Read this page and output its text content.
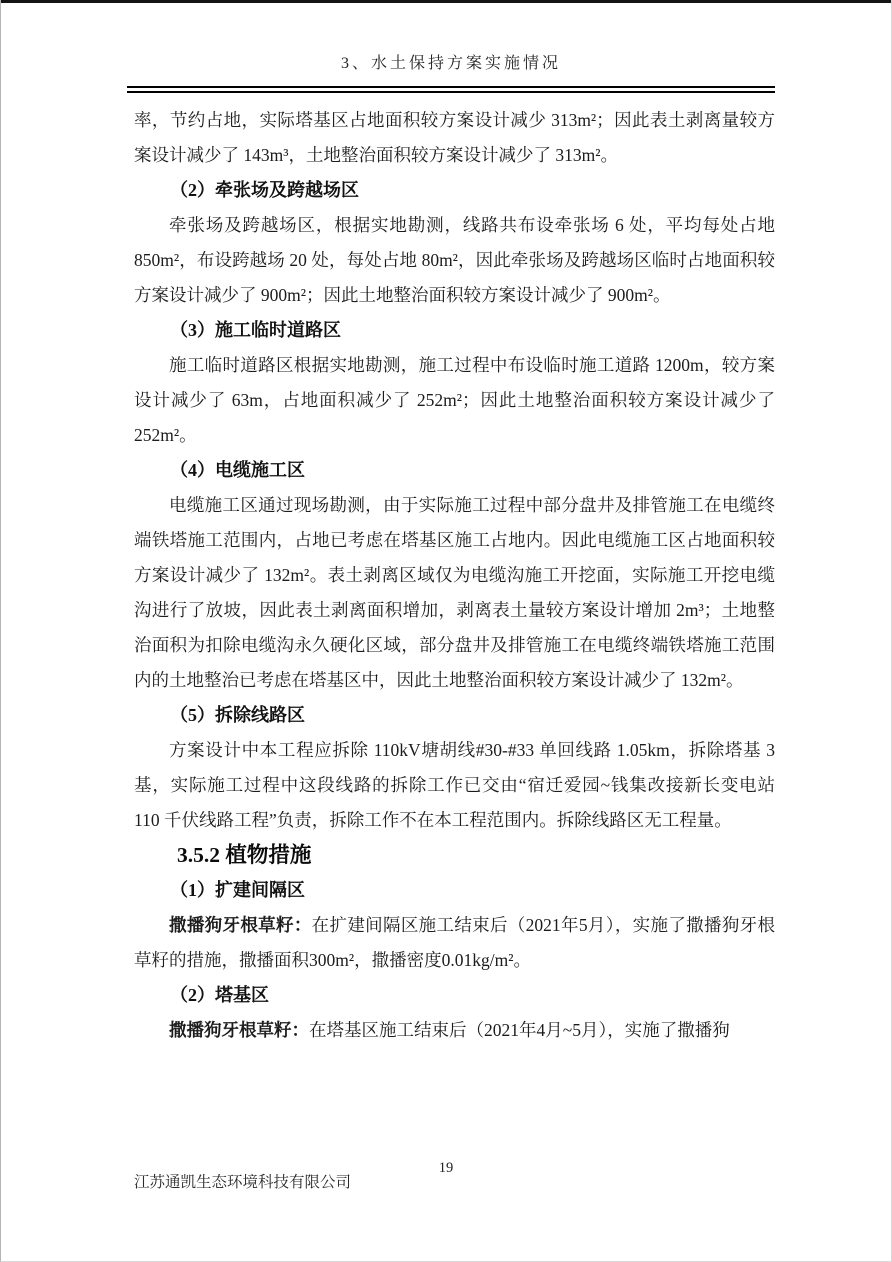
3、水土保持方案实施情况

率，节约占地，实际塔基区占地面积较方案设计减少 313m²；因此表土剥离量较方案设计减少了 143m³，土地整治面积较方案设计减少了 313m²。

（2）牵张场及跨越场区

牵张场及跨越场区，根据实地勘测，线路共布设牵张场 6 处，平均每处占地 850m²，布设跨越场 20 处，每处占地 80m²，因此牵张场及跨越场区临时占地面积较方案设计减少了 900m²；因此土地整治面积较方案设计减少了 900m²。

（3）施工临时道路区

施工临时道路区根据实地勘测，施工过程中布设临时施工道路 1200m，较方案设计减少了 63m，占地面积减少了 252m²；因此土地整治面积较方案设计减少了 252m²。

（4）电缆施工区

电缆施工区通过现场勘测，由于实际施工过程中部分盘井及排管施工在电缆终端铁塔施工范围内，占地已考虑在塔基区施工占地内。因此电缆施工区占地面积较方案设计减少了 132m²。表土剥离区域仅为电缆沟施工开挖面，实际施工开挖电缆沟进行了放坡，因此表土剥离面积增加，剥离表土量较方案设计增加 2m³；土地整治面积为扣除电缆沟永久硬化区域，部分盘井及排管施工在电缆终端铁塔施工范围内的土地整治已考虑在塔基区中，因此土地整治面积较方案设计减少了 132m²。

（5）拆除线路区

方案设计中本工程应拆除 110kV塘胡线#30-#33 单回线路 1.05km，拆除塔基 3 基，实际施工过程中这段线路的拆除工作已交由“宿迁爱园~钱集改接新长变电站 110 千伏线路工程”负责，拆除工作不在本工程范围内。拆除线路区无工程量。

3.5.2 植物措施

（1）扩建间隔区

撒播狗牙根草籽：在扩建间隔区施工结束后（2021年5月），实施了撒播狗牙根草籽的措施，撒播面积300m²，撒播密度0.01kg/m²。

（2）塔基区

撒播狗牙根草籽：在塔基区施工结束后（2021年4月~5月），实施了撒播狗

江苏通凯生态环境科技有限公司
19
